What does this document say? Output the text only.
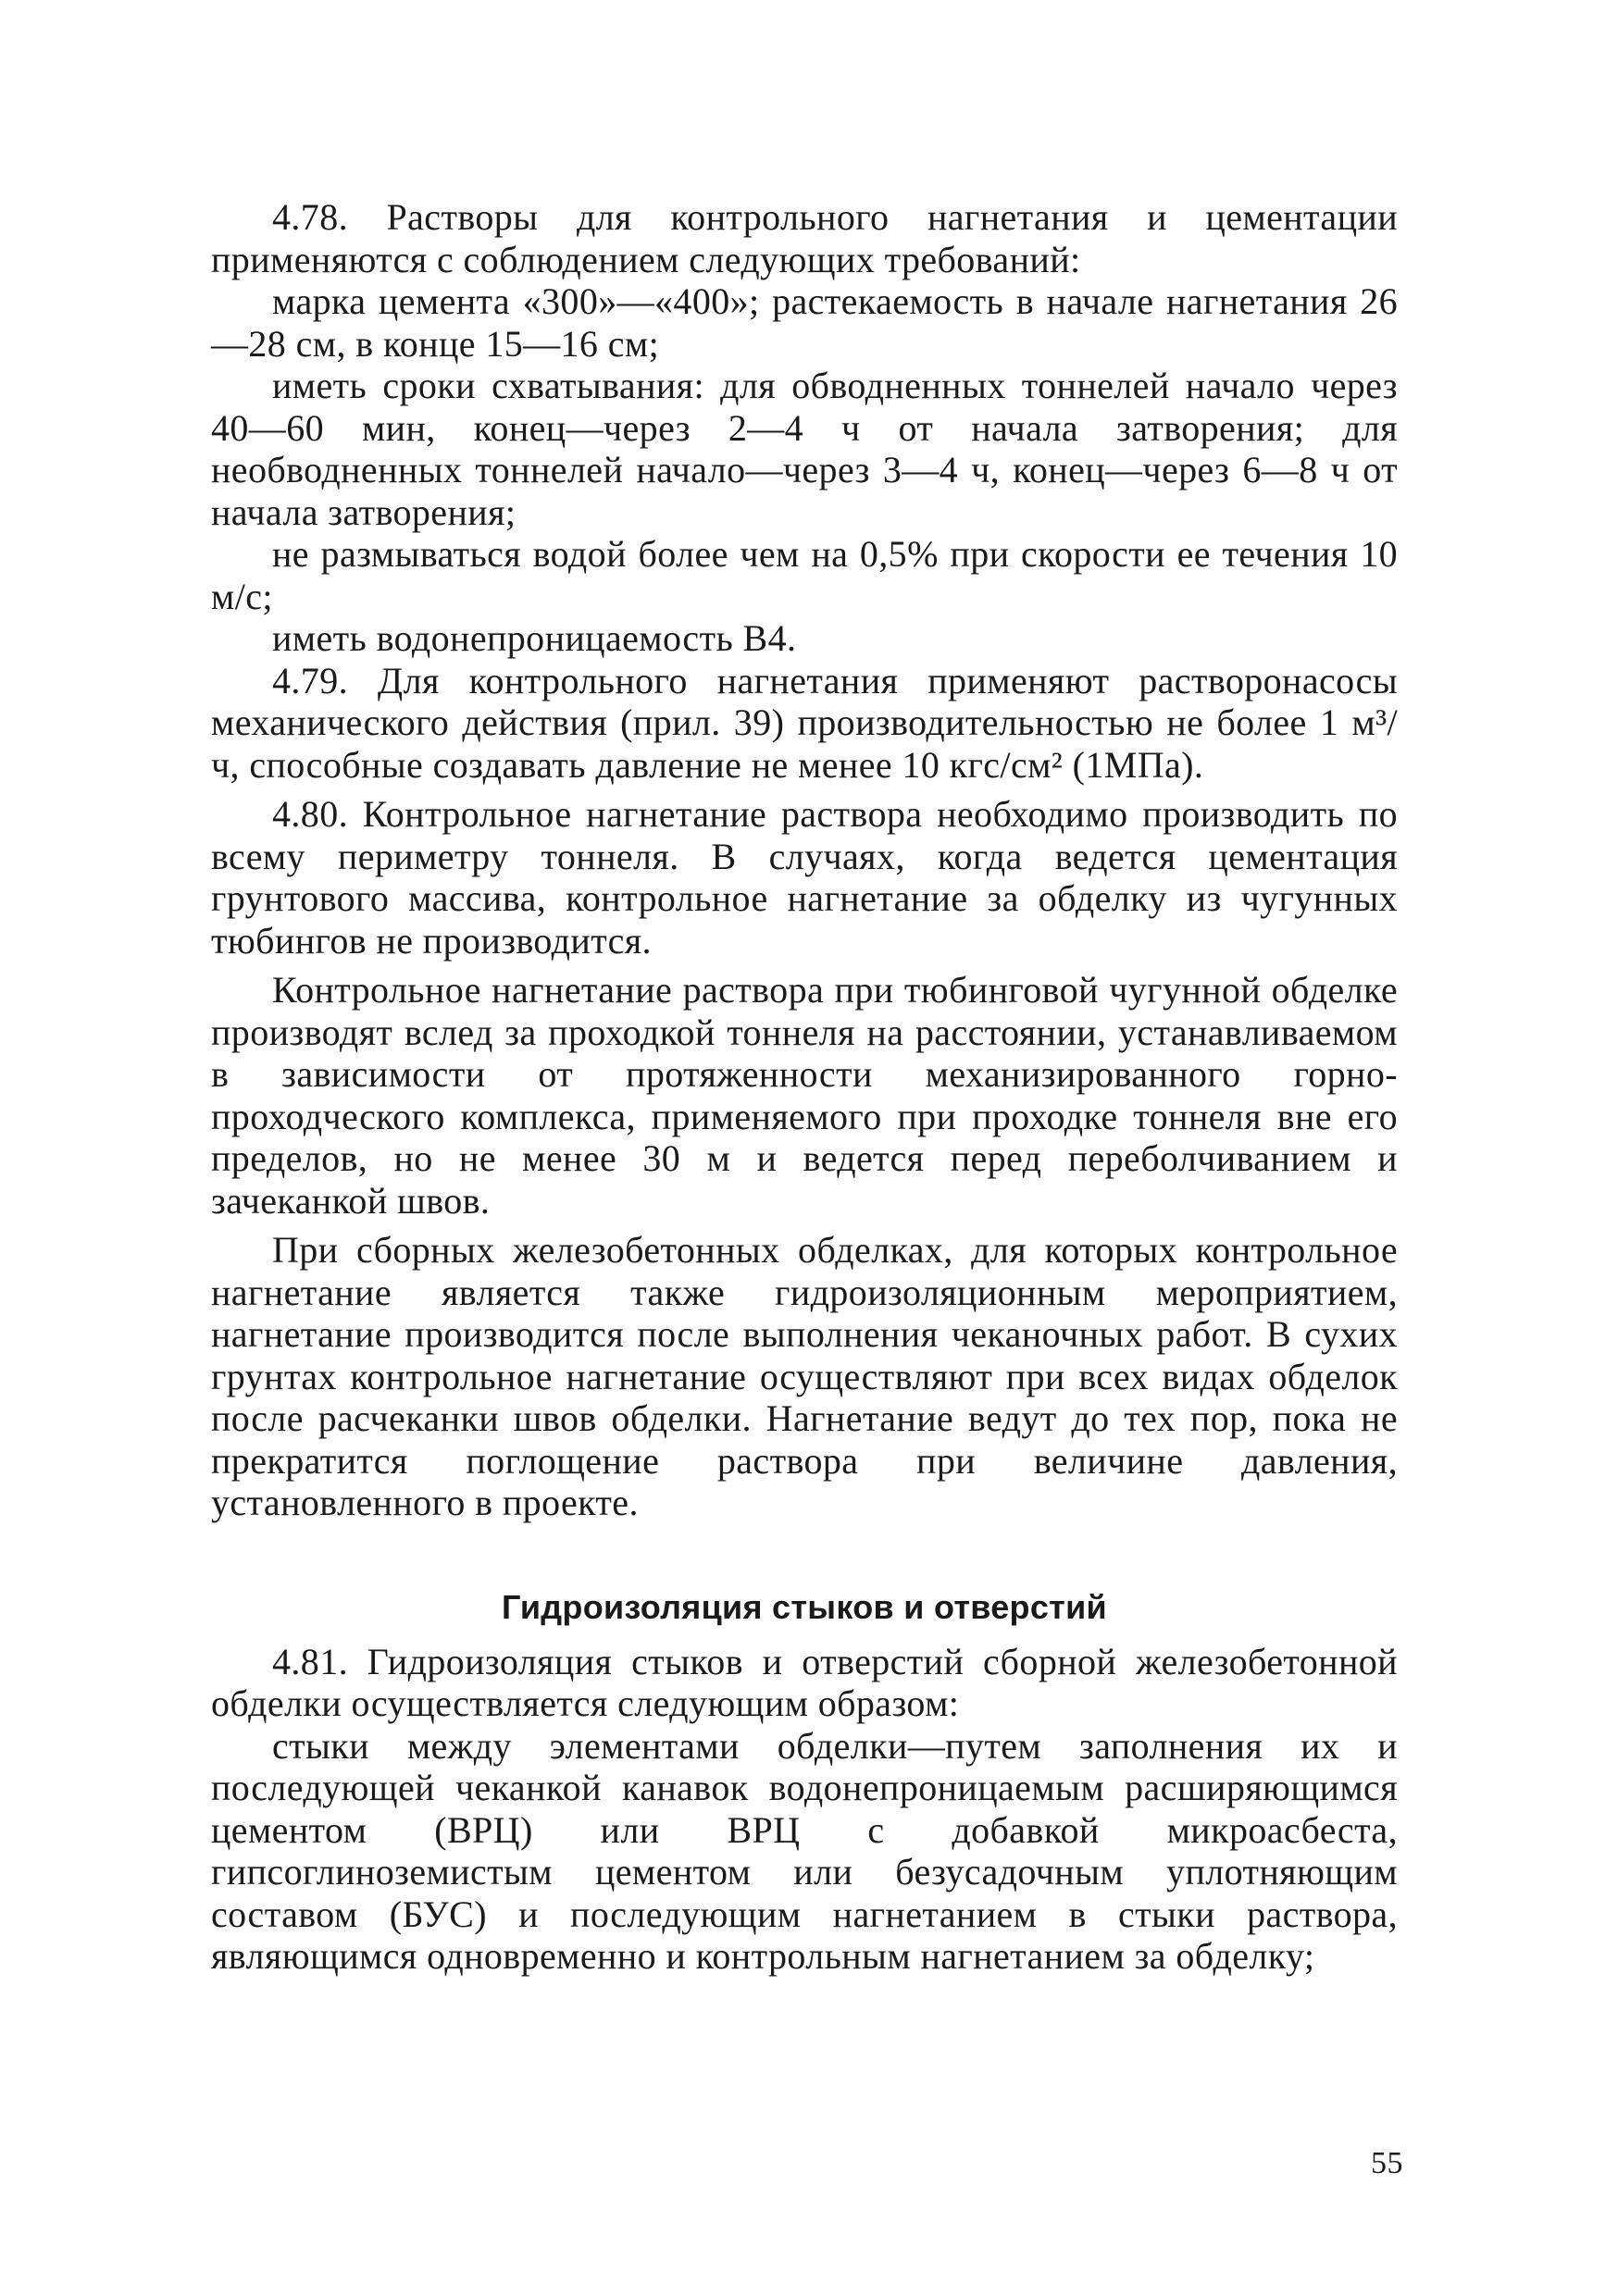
4.78. Растворы для контрольного нагнетания и цементации применяются с соблюдением следующих требований:

марка цемента «300»—«400»; растекаемость в начале нагнетания 26—28 см, в конце 15—16 см;

иметь сроки схватывания: для обводненных тоннелей начало через 40—60 мин, конец—через 2—4 ч от начала затворения; для необводненных тоннелей начало—через 3—4 ч, конец—через 6—8 ч от начала затворения;

не размываться водой более чем на 0,5% при скорости ее течения 10 м/с;

иметь водонепроницаемость В4.

4.79. Для контрольного нагнетания применяют растворонасосы механического действия (прил. 39) производительностью не более 1 м³/ч, способные создавать давление не менее 10 кгс/см² (1МПа).

4.80. Контрольное нагнетание раствора необходимо производить по всему периметру тоннеля. В случаях, когда ведется цементация грунтового массива, контрольное нагнетание за обделку из чугунных тюбингов не производится.

Контрольное нагнетание раствора при тюбинговой чугунной обделке производят вслед за проходкой тоннеля на расстоянии, устанавливаемом в зависимости от протяженности механизированного горно-проходческого комплекса, применяемого при проходке тоннеля вне его пределов, но не менее 30 м и ведется перед переболчиванием и зачеканкой швов.

При сборных железобетонных обделках, для которых контрольное нагнетание является также гидроизоляционным мероприятием, нагнетание производится после выполнения чеканочных работ. В сухих грунтах контрольное нагнетание осуществляют при всех видах обделок после расчеканки швов обделки. Нагнетание ведут до тех пор, пока не прекратится поглощение раствора при величине давления, установленного в проекте.

Гидроизоляция стыков и отверстий

4.81. Гидроизоляция стыков и отверстий сборной железобетонной обделки осуществляется следующим образом:

стыки между элементами обделки—путем заполнения их и последующей чеканкой канавок водонепроницаемым расширяющимся цементом (ВРЦ) или ВРЦ с добавкой микроасбеста, гипсоглиноземистым цементом или безусадочным уплотняющим составом (БУС) и последующим нагнетанием в стыки раствора, являющимся одновременно и контрольным нагнетанием за обделку;

55
